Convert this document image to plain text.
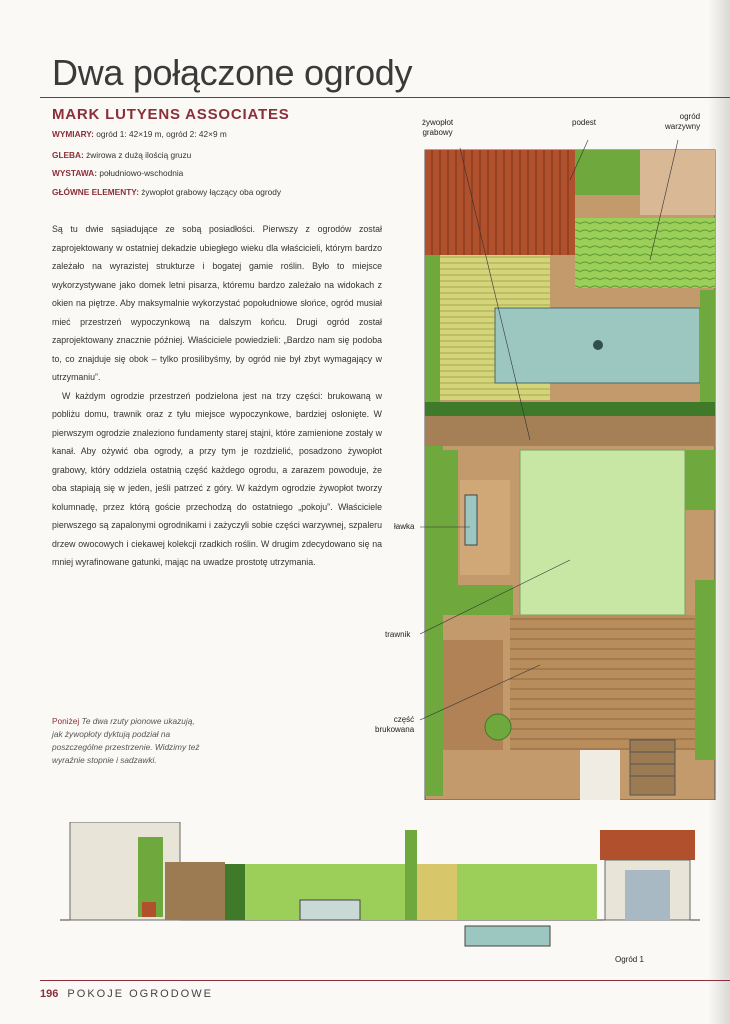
Dwa połączone ogrody
MARK LUTYENS ASSOCIATES
WYMIARY: ogród 1: 42×19 m, ogród 2: 42×9 m
GLEBA: żwirowa z dużą ilością gruzu
WYSTAWA: południowo-wschodnia
GŁÓWNE ELEMENTY: żywopłot grabowy łączący oba ogrody

Są tu dwie sąsiadujące ze sobą posiadłości. Pierwszy z ogrodów został zaprojektowany w ostatniej dekadzie ubiegłego wieku dla właścicieli, którym bardzo zależało na wyrazistej strukturze i bogatej gamie roślin. Było to miejsce wykorzystywane jako domek letni pisarza, któremu bardzo zależało na widokach z okien na piętrze. Aby maksymalnie wykorzystać popołudniowe słońce, ogród musiał mieć przestrzeń wypoczynkową na dalszym końcu. Drugi ogród został zaprojektowany znacznie później. Właściciele powiedzieli: „Bardzo nam się podoba to, co znajduje się obok – tylko prosilibyśmy, by ogród nie był zbyt wymagający w utrzymaniu”.

W każdym ogrodzie przestrzeń podzielona jest na trzy części: brukowaną w pobliżu domu, trawnik oraz z tyłu miejsce wypoczynkowe, bardziej osłonięte. W pierwszym ogrodzie znaleziono fundamenty starej stajni, które zamienione zostały w kanał. Aby ożywić oba ogrody, a przy tym je rozdzielić, posadzono żywopłot grabowy, który oddziela ostatnią część każdego ogrodu, a zarazem powoduje, że oba stapiają się w jeden, jeśli patrzeć z góry. W każdym ogrodzie żywopłot tworzy kolumnadę, przez którą goście przechodzą do ostatniego „pokoju”. Właściciele pierwszego są zapalonymi ogrodnikami i zażyczyli sobie części warzywnej, szpaleru drzew owocowych i ciekawej kolekcji rzadkich roślin. W drugim zdecydowano się na mniej wyrafinowane gatunki, mając na uwadze prostotę utrzymania.

Poniżej Te dwa rzuty pionowe ukazują, jak żywopłoty dyktują podział na poszczególne przestrzenie. Widzimy też wyraźnie stopnie i sadzawki.
żywopłot
grabowy
podest
ogród
warzywny
ławka
trawnik
część
brukowana
Ogród 1
196 POKOJE OGRODOWE
